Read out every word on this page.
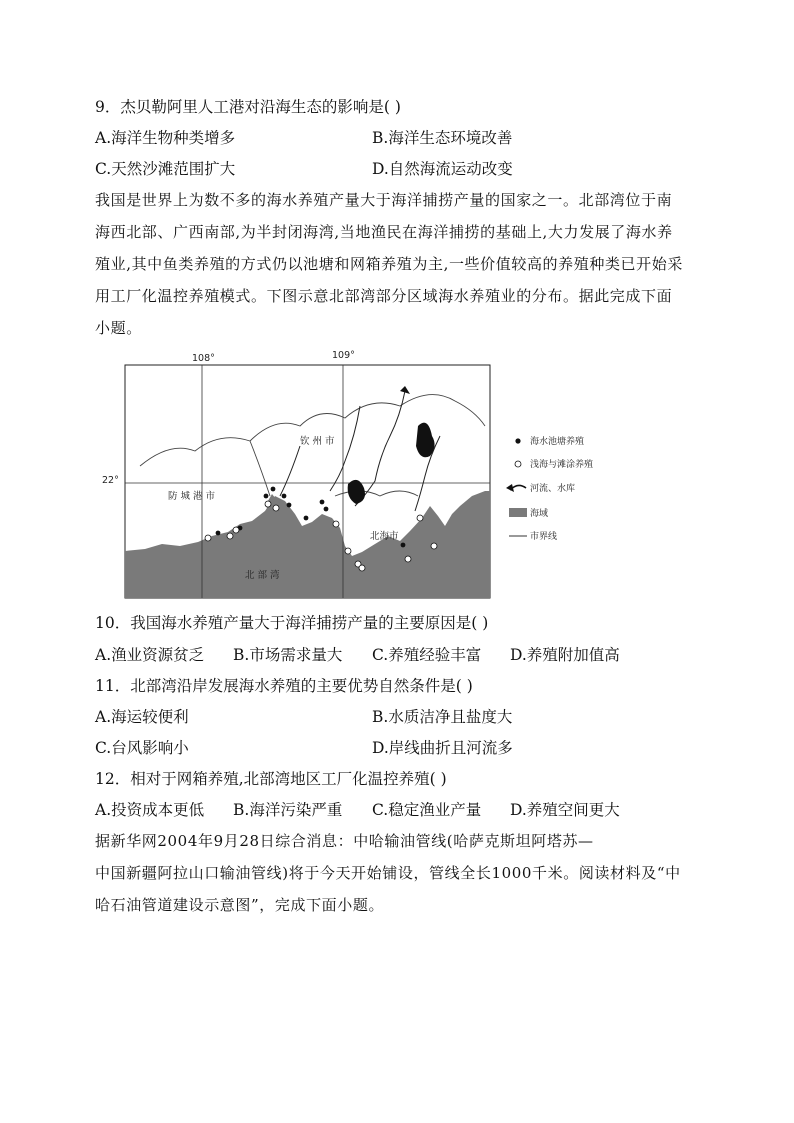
9．杰贝勒阿里人工港对沿海生态的影响是( )
A.海洋生物种类增多	B.海洋生态环境改善
C.天然沙滩范围扩大	D.自然海流运动改变
我国是世界上为数不多的海水养殖产量大于海洋捕捞产量的国家之一。北部湾位于南
海西北部、广西南部,为半封闭海湾,当地渔民在海洋捕捞的基础上,大力发展了海水养
殖业,其中鱼类养殖的方式仍以池塘和网箱养殖为主,一些价值较高的养殖种类已开始采
用工厂化温控养殖模式。下图示意北部湾部分区域海水养殖业的分布。据此完成下面
小题。
108°	109°
22°
钦 州 市
防 城 港 市
北海市
北 部 湾
海水池塘养殖
浅海与滩涂养殖
河流、水库
海域
市界线
10．我国海水养殖产量大于海洋捕捞产量的主要原因是( )
A.渔业资源贫乏 B.市场需求量大 C.养殖经验丰富 D.养殖附加值高
11．北部湾沿岸发展海水养殖的主要优势自然条件是( )
A.海运较便利	B.水质洁净且盐度大
C.台风影响小	D.岸线曲折且河流多
12．相对于网箱养殖,北部湾地区工厂化温控养殖( )
A.投资成本更低 B.海洋污染严重 C.稳定渔业产量 D.养殖空间更大
据新华网2004年9月28日综合消息：中哈输油管线(哈萨克斯坦阿塔苏—
中国新疆阿拉山口输油管线)将于今天开始铺设，管线全长1000千米。阅读材料及“中
哈石油管道建设示意图”，完成下面小题。
